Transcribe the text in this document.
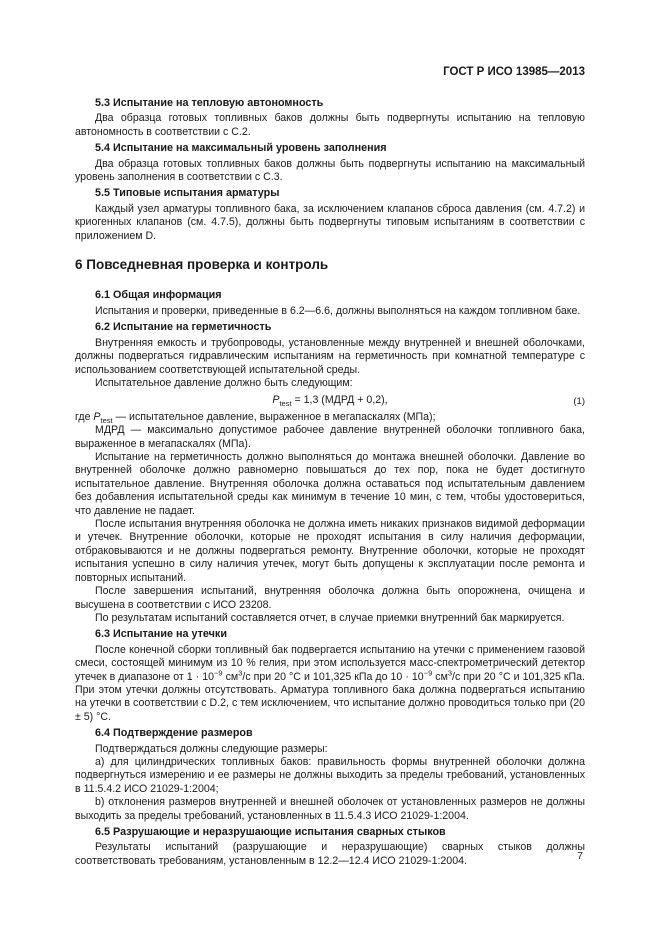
ГОСТ Р ИСО 13985—2013
5.3 Испытание на тепловую автономность

Два образца готовых топливных баков должны быть подвергнуты испытанию на тепловую автономность в соответствии с С.2.

5.4 Испытание на максимальный уровень заполнения

Два образца готовых топливных баков должны быть подвергнуты испытанию на максимальный уровень заполнения в соответствии с С.3.

5.5 Типовые испытания арматуры

Каждый узел арматуры топливного бака, за исключением клапанов сброса давления (см. 4.7.2) и криогенных клапанов (см. 4.7.5), должны быть подвергнуты типовым испытаниям в соответствии с приложением D.

6 Повседневная проверка и контроль
6.1 Общая информация

Испытания и проверки, приведенные в 6.2—6.6, должны выполняться на каждом топливном баке.

6.2 Испытание на герметичность

Внутренняя емкость и трубопроводы, установленные между внутренней и внешней оболочками, должны подвергаться гидравлическим испытаниям на герметичность при комнатной температуре с использованием соответствующей испытательной среды.

Испытательное давление должно быть следующим:

$P_{test} = 1,3$ (МДРД + 0,2),	(1)

где $P_{test}$ — испытательное давление, выраженное в мегапаскалях (МПа);

МДРД — максимально допустимое рабочее давление внутренней оболочки топливного бака, выраженное в мегапаскалях (МПа).

Испытание на герметичность должно выполняться до монтажа внешней оболочки. Давление во внутренней оболочке должно равномерно повышаться до тех пор, пока не будет достигнуто испытательное давление. Внутренняя оболочка должна оставаться под испытательным давлением без добавления испытательной среды как минимум в течение 10 мин, с тем, чтобы удостовериться, что давление не падает.

После испытания внутренняя оболочка не должна иметь никаких признаков видимой деформации и утечек. Внутренние оболочки, которые не проходят испытания в силу наличия деформации, отбраковываются и не должны подвергаться ремонту. Внутренние оболочки, которые не проходят испытания успешно в силу наличия утечек, могут быть допущены к эксплуатации после ремонта и повторных испытаний.

После завершения испытаний, внутренняя оболочка должна быть опорожнена, очищена и высушена в соответствии с ИСО 23208.

По результатам испытаний составляется отчет, в случае приемки внутренний бак маркируется.

6.3 Испытание на утечки

После конечной сборки топливный бак подвергается испытанию на утечки с применением газовой смеси, состоящей минимум из 10 % гелия, при этом используется масс-спектрометрический детектор утечек в диапазоне от $1 \cdot 10^{-9}$ $см^3/с$ при 20 °С и 101,325 кПа до $10 \cdot 10^{-9}$ $см^3/с$ при 20 °С и 101,325 кПа. При этом утечки должны отсутствовать. Арматура топливного бака должна подвергаться испытанию на утечки в соответствии с D.2, с тем исключением, что испытание должно проводиться только при (20 ± 5) °С.

6.4 Подтверждение размеров

Подтверждаться должны следующие размеры:

a) для цилиндрических топливных баков: правильность формы внутренней оболочки должна подвергнуться измерению и ее размеры не должны выходить за пределы требований, установленных в 11.5.4.2 ИСО 21029-1:2004;

b) отклонения размеров внутренней и внешней оболочек от установленных размеров не должны выходить за пределы требований, установленных в 11.5.4.3 ИСО 21029-1:2004.

6.5 Разрушающие и неразрушающие испытания сварных стыков

Результаты испытаний (разрушающие и неразрушающие) сварных стыков должны соответствовать требованиям, установленным в 12.2—12.4 ИСО 21029-1:2004.	7
